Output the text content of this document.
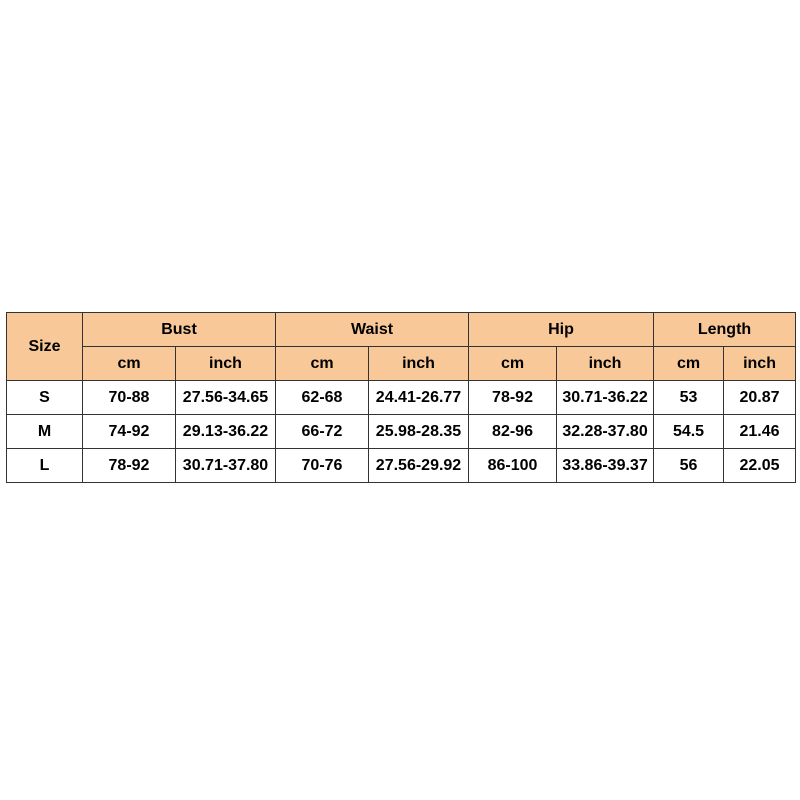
Size	Bust		Waist		Hip		Length	
	cm	inch	cm	inch	cm	inch	cm	inch
S	70-88	27.56-34.65	62-68	24.41-26.77	78-92	30.71-36.22	53	20.87
M	74-92	29.13-36.22	66-72	25.98-28.35	82-96	32.28-37.80	54.5	21.46
L	78-92	30.71-37.80	70-76	27.56-29.92	86-100	33.86-39.37	56	22.05
